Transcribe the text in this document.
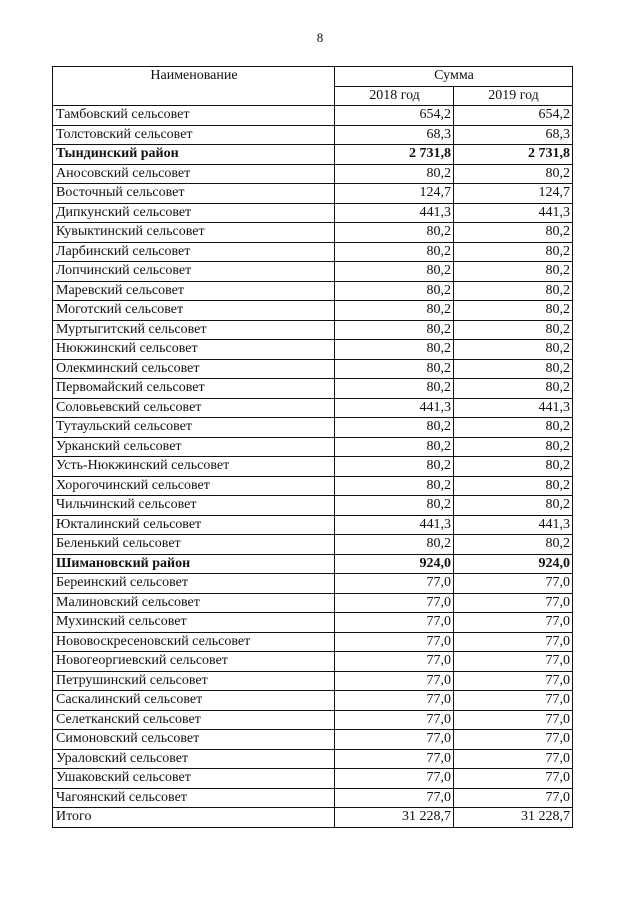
8
Наименование	Сумма	
	2018 год	2019 год
Тамбовский сельсовет	654,2	654,2
Толстовский сельсовет	68,3	68,3
Тындинский район	2 731,8	2 731,8
Аносовский сельсовет	80,2	80,2
Восточный сельсовет	124,7	124,7
Дипкунский сельсовет	441,3	441,3
Кувыктинский сельсовет	80,2	80,2
Ларбинский сельсовет	80,2	80,2
Лопчинский сельсовет	80,2	80,2
Маревский сельсовет	80,2	80,2
Моготский сельсовет	80,2	80,2
Муртыгитский сельсовет	80,2	80,2
Нюкжинский сельсовет	80,2	80,2
Олекминский сельсовет	80,2	80,2
Первомайский сельсовет	80,2	80,2
Соловьевский сельсовет	441,3	441,3
Тутаульский сельсовет	80,2	80,2
Урканский сельсовет	80,2	80,2
Усть-Нюкжинский сельсовет	80,2	80,2
Хорогочинский сельсовет	80,2	80,2
Чильчинский сельсовет	80,2	80,2
Юкталинский сельсовет	441,3	441,3
Беленький сельсовет	80,2	80,2
Шимановский район	924,0	924,0
Береинский сельсовет	77,0	77,0
Малиновский сельсовет	77,0	77,0
Мухинский сельсовет	77,0	77,0
Нововоскресеновский сельсовет	77,0	77,0
Новогеоргиевский сельсовет	77,0	77,0
Петрушинский сельсовет	77,0	77,0
Саскалинский сельсовет	77,0	77,0
Селетканский сельсовет	77,0	77,0
Симоновский сельсовет	77,0	77,0
Ураловский сельсовет	77,0	77,0
Ушаковский сельсовет	77,0	77,0
Чагоянский сельсовет	77,0	77,0
Итого	31 228,7	31 228,7
